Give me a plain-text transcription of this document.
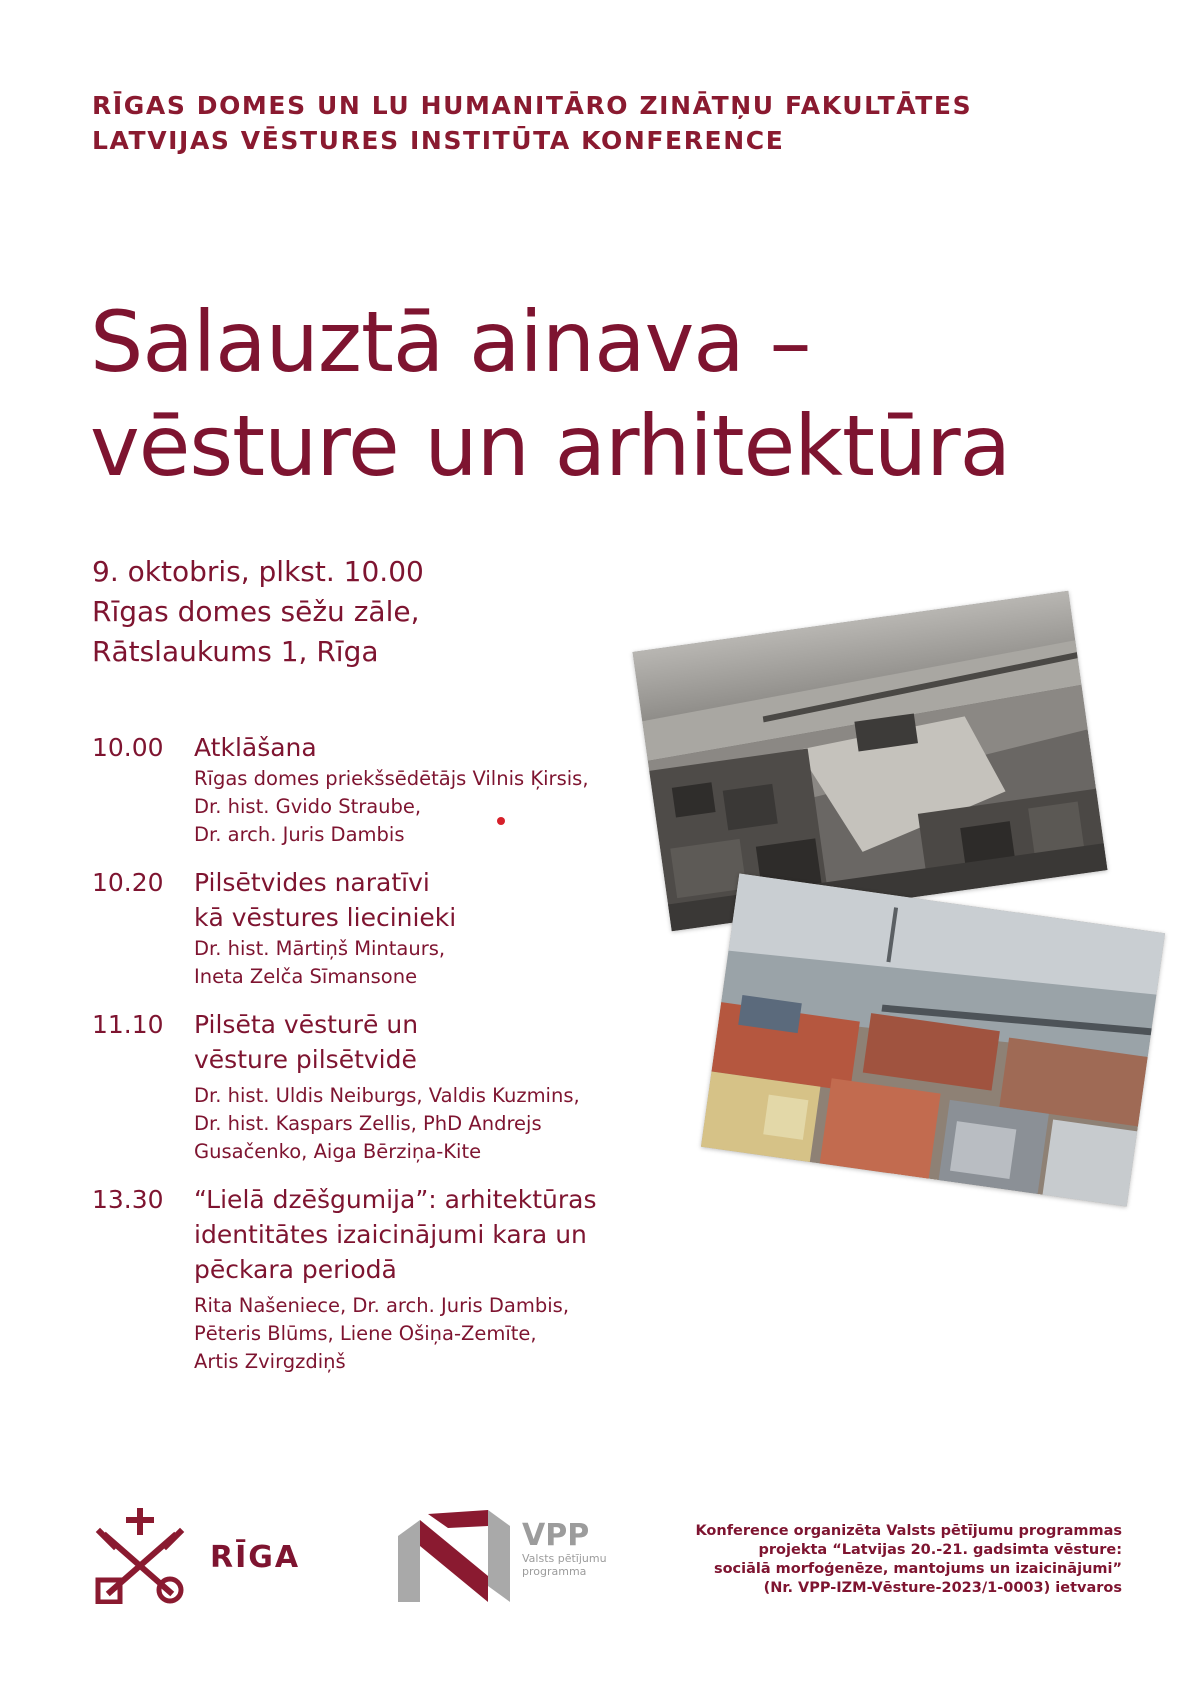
RĪGAS DOMES UN LU HUMANITĀRO ZINĀTŅU FAKULTĀTES
LATVIJAS VĒSTURES INSTITŪTA KONFERENCE
Salauztā ainava –
vēsture un arhitektūra
9. oktobris, plkst. 10.00
Rīgas domes sēžu zāle,
Rātslaukums 1, Rīga
10.00 Atklāšana
Rīgas domes priekšsēdētājs Vilnis Ķirsis,
Dr. hist. Gvido Straube,
Dr. arch. Juris Dambis
10.20 Pilsētvides naratīvi
kā vēstures liecinieki
Dr. hist. Mārtiņš Mintaurs,
Ineta Zelča Sīmansone
11.10 Pilsēta vēsturē un
vēsture pilsētvidē
Dr. hist. Uldis Neiburgs, Valdis Kuzmins,
Dr. hist. Kaspars Zellis, PhD Andrejs
Gusačenko, Aiga Bērziņa-Kite
13.30 “Lielā dzēšgumija”: arhitektūras
identitātes izaicinājumi kara un
pēckara periodā
Rita Našeniece, Dr. arch. Juris Dambis,
Pēteris Blūms, Liene Ošiņa-Zemīte,
Artis Zvirgzdiņš
RĪGA
VPP
Valsts pētījumu
programma
Konference organizēta Valsts pētījumu programmas
projekta “Latvijas 20.-21. gadsimta vēsture:
sociālā morfoģenēze, mantojums un izaicinājumi”
(Nr. VPP-IZM-Vēsture-2023/1-0003) ietvaros
